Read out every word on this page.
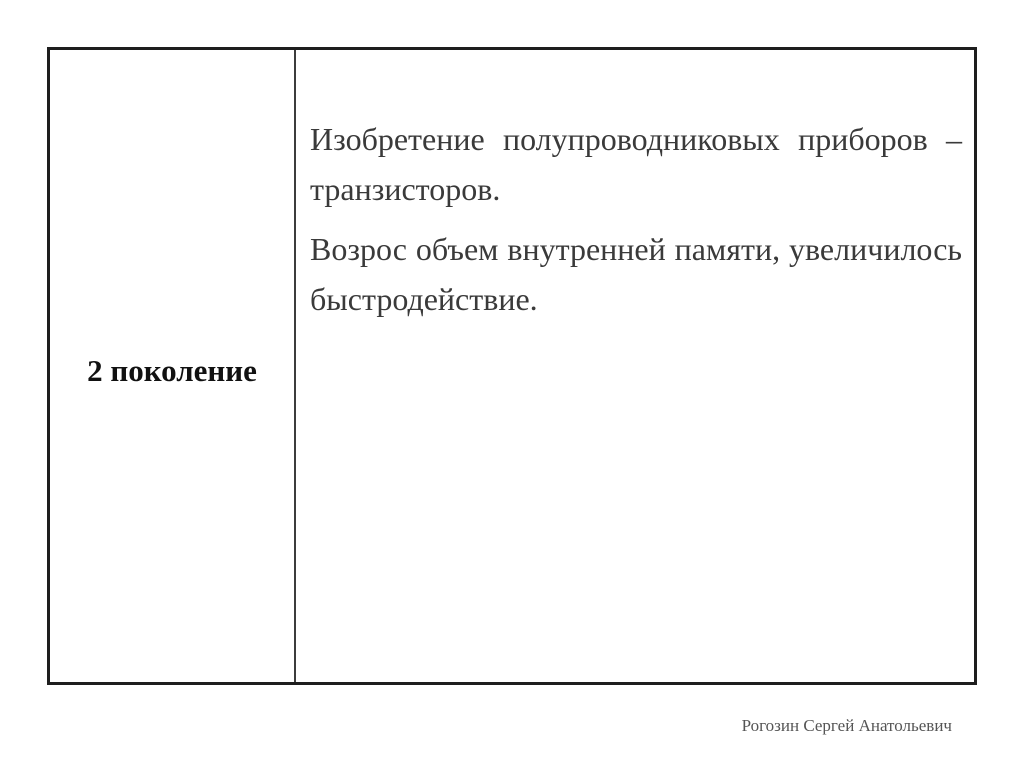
2 поколение

Изобретение полупроводниковых приборов – транзисторов.

Возрос объем внутренней памяти, увеличилось быстродействие.

Рогозин Сергей Анатольевич
